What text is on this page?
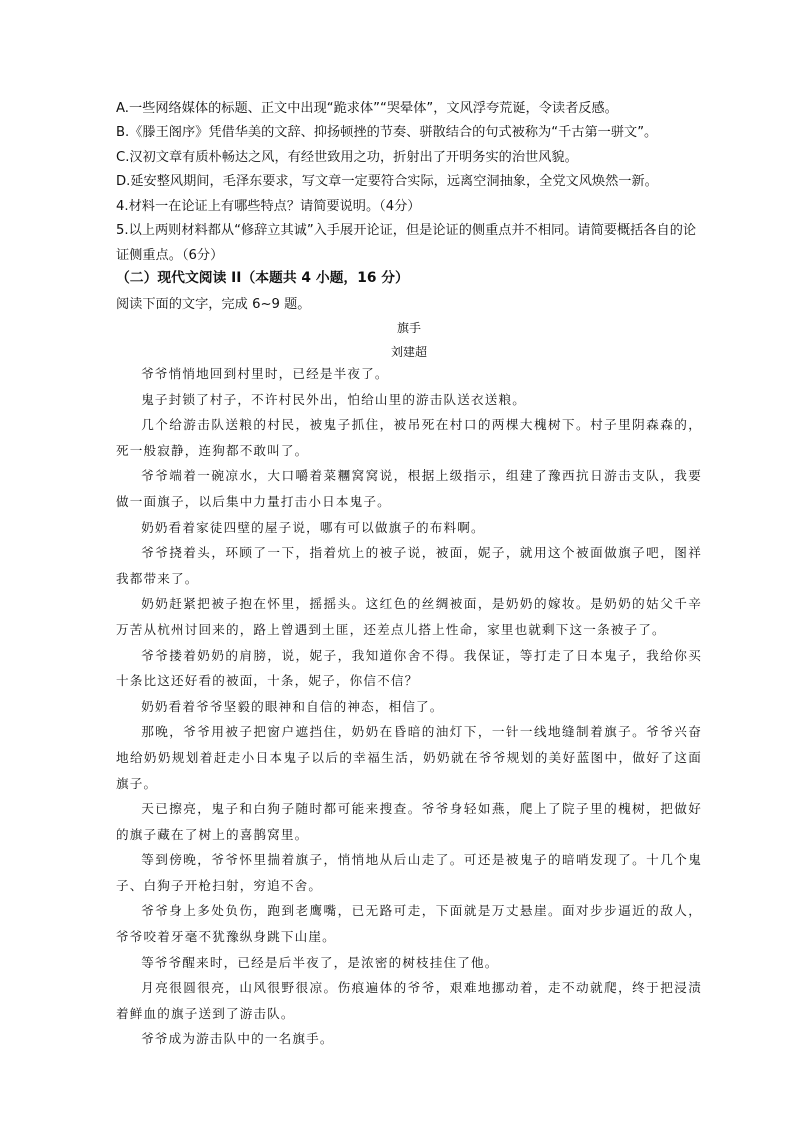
A.一些网络媒体的标题、正文中出现“跪求体”“哭晕体”，文风浮夸荒诞，令读者反感。
B.《滕王阁序》凭借华美的文辞、抑扬顿挫的节奏、骈散结合的句式被称为“千古第一骈文”。
C.汉初文章有质朴畅达之风，有经世致用之功，折射出了开明务实的治世风貌。
D.延安整风期间，毛泽东要求，写文章一定要符合实际，远离空洞抽象，全党文风焕然一新。
4.材料一在论证上有哪些特点？请简要说明。（4分）
5.以上两则材料都从“修辞立其诚”入手展开论证，但是论证的侧重点并不相同。请简要概括各自的论证侧重点。（6分）
（二）现代文阅读 II（本题共 4 小题，16 分）
阅读下面的文字，完成 6~9 题。
旗手
刘建超

爷爷悄悄地回到村里时，已经是半夜了。

鬼子封锁了村子，不许村民外出，怕给山里的游击队送衣送粮。

几个给游击队送粮的村民，被鬼子抓住，被吊死在村口的两棵大槐树下。村子里阴森森的，死一般寂静，连狗都不敢叫了。

爷爷端着一碗凉水，大口嚼着菜糰窝窝说，根据上级指示，组建了豫西抗日游击支队，我要做一面旗子，以后集中力量打击小日本鬼子。

奶奶看着家徒四壁的屋子说，哪有可以做旗子的布料啊。

爷爷挠着头，环顾了一下，指着炕上的被子说，被面，妮子，就用这个被面做旗子吧，图祥我都带来了。

奶奶赶紧把被子抱在怀里，摇摇头。这红色的丝绸被面，是奶奶的嫁妆。是奶奶的姑父千辛万苦从杭州讨回来的，路上曾遇到土匪，还差点儿搭上性命，家里也就剩下这一条被子了。

爷爷搂着奶奶的肩膀，说，妮子，我知道你舍不得。我保证，等打走了日本鬼子，我给你买十条比这还好看的被面，十条，妮子，你信不信？

奶奶看着爷爷坚毅的眼神和自信的神态，相信了。

那晚，爷爷用被子把窗户遮挡住，奶奶在昏暗的油灯下，一针一线地缝制着旗子。爷爷兴奋地给奶奶规划着赶走小日本鬼子以后的幸福生活，奶奶就在爷爷规划的美好蓝图中，做好了这面旗子。

天已擦亮，鬼子和白狗子随时都可能来搜查。爷爷身轻如燕，爬上了院子里的槐树，把做好的旗子藏在了树上的喜鹊窝里。

等到傍晚，爷爷怀里揣着旗子，悄悄地从后山走了。可还是被鬼子的暗哨发现了。十几个鬼子、白狗子开枪扫射，穷追不舍。

爷爷身上多处负伤，跑到老鹰嘴，已无路可走，下面就是万丈悬崖。面对步步逼近的敌人，爷爷咬着牙毫不犹豫纵身跳下山崖。

等爷爷醒来时，已经是后半夜了，是浓密的树枝挂住了他。

月亮很圆很亮，山风很野很凉。伤痕遍体的爷爷，艰难地挪动着，走不动就爬，终于把浸渍着鲜血的旗子送到了游击队。

爷爷成为游击队中的一名旗手。
